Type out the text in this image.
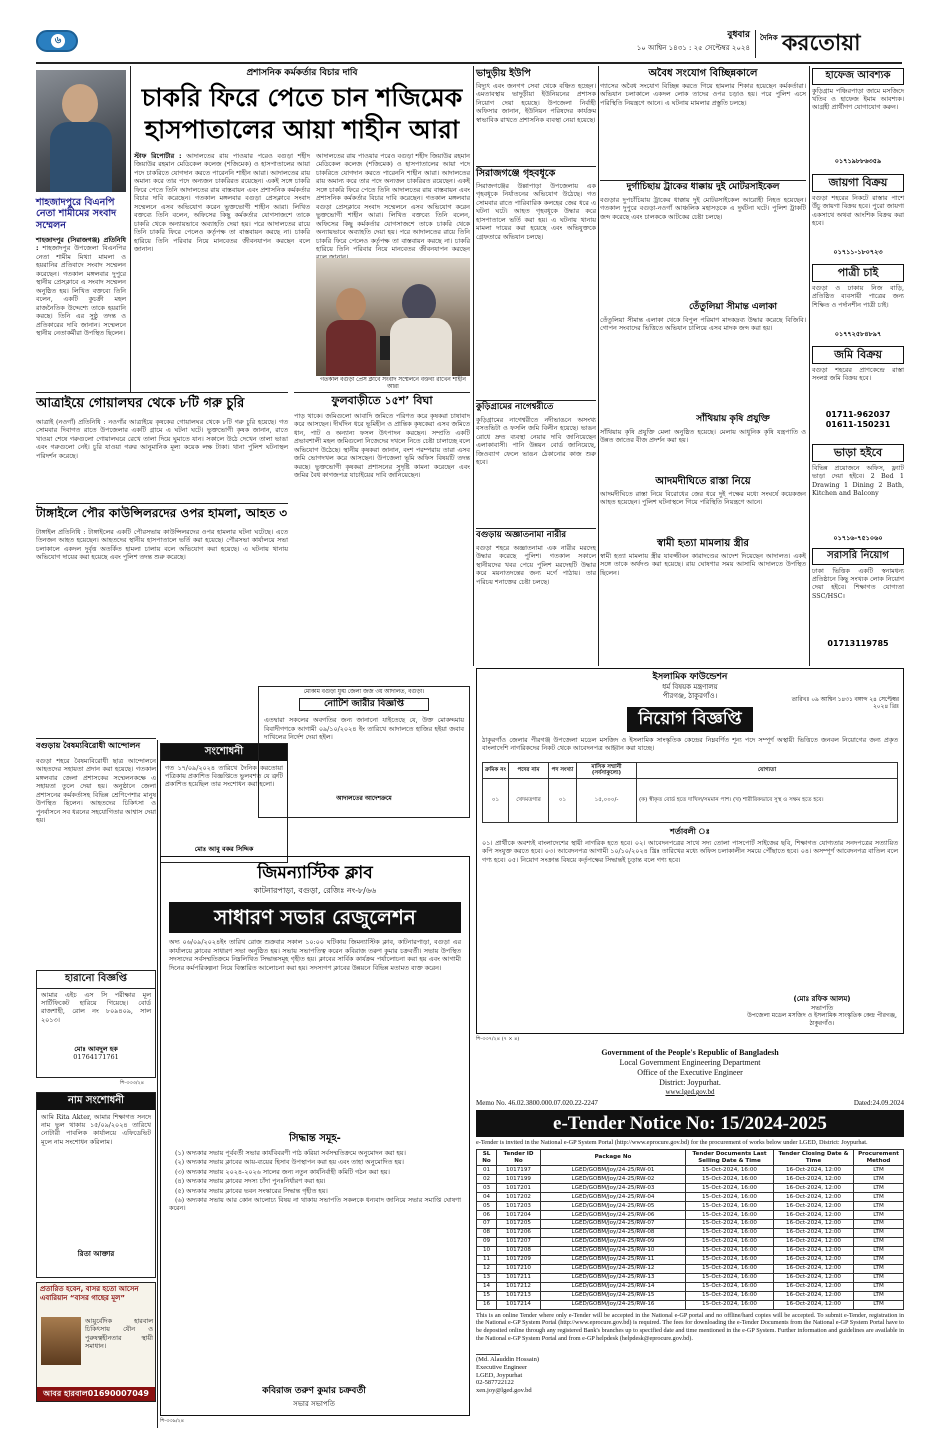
৬	বুধবার
১০ আশ্বিন ১৪৩১ : ২৫ সেপ্টেম্বর ২০২৪
দৈনিক করতোয়া
শাহজাদপুরে বিএনপি নেতা শামীমের সংবাদ সম্মেলন
শাহজাদপুর (সিরাজগঞ্জ) প্রতিনিধি : শাহজাদপুর উপজেলা বিএনপির নেতা শামীম মিথ্যা মামলা ও হয়রানির প্রতিবাদে সংবাদ সম্মেলন করেছেন। গতকাল মঙ্গলবার দুপুরে স্থানীয় প্রেসক্লাবে এ সংবাদ সম্মেলন অনুষ্ঠিত হয়। লিখিত বক্তব্যে তিনি বলেন, একটি কুচক্রী মহল রাজনৈতিক উদ্দেশ্যে তাকে হয়রানি করছে। তিনি এর সুষ্ঠু তদন্ত ও প্রতিকারের দাবি জানান। সম্মেলনে স্থানীয় নেতাকর্মীরা উপস্থিত ছিলেন।
আত্রাইয়ে গোয়ালঘর থেকে ৮টি গরু চুরি
আত্রাই (নওগাঁ) প্রতিনিধি : নওগাঁর আত্রাইয়ে কৃষকের গোয়ালঘর থেকে ৮টি গরু চুরি হয়েছে। গত সোমবার দিবাগত রাতে উপজেলার একটি গ্রামে এ ঘটনা ঘটে। ভুক্তভোগী কৃষক জানান, রাতে খাওয়া শেষে গরুগুলো গোয়ালঘরে রেখে তালা দিয়ে ঘুমাতে যান। সকালে উঠে দেখেন তালা ভাঙা এবং গরুগুলো নেই। চুরি যাওয়া গরুর আনুমানিক মূল্য কয়েক লক্ষ টাকা। থানা পুলিশ ঘটনাস্থল পরিদর্শন করেছে।
টাঙ্গাইলে পৌর কাউন্সিলরদের ওপর হামলা, আহত ৩
টাঙ্গাইল প্রতিনিধি : টাঙ্গাইলের একটি পৌরসভায় কাউন্সিলরদের ওপর হামলার ঘটনা ঘটেছে। এতে তিনজন আহত হয়েছেন। আহতদের স্থানীয় হাসপাতালে ভর্তি করা হয়েছে। পৌরসভা কার্যালয়ে সভা চলাকালে একদল দুর্বৃত্ত অতর্কিত হামলা চালায় বলে অভিযোগ করা হয়েছে। এ ঘটনায় থানায় অভিযোগ দায়ের করা হয়েছে এবং পুলিশ তদন্ত শুরু করেছে।
বগুড়ায় বৈষম্যবিরোধী আন্দোলন
বগুড়া শহরে বৈষম্যবিরোধী ছাত্র আন্দোলনে আহতদের সহায়তা প্রদান করা হয়েছে। গতকাল মঙ্গলবার জেলা প্রশাসকের সম্মেলনকক্ষে এ সহায়তা তুলে দেয়া হয়। অনুষ্ঠানে জেলা প্রশাসনের কর্মকর্তাসহ বিভিন্ন শ্রেণিপেশার মানুষ উপস্থিত ছিলেন। আহতদের চিকিৎসা ও পুনর্বাসনে সব ধরনের সহযোগিতার আশ্বাস দেয়া হয়।
হারানো বিজ্ঞপ্তি
আমার এইচ এস সি পরীক্ষার মূল সার্টিফিকেট হারিয়ে গিয়েছে। বোর্ড রাজশাহী, রোল নং ৮০৯৪০৯, সাল ২০১৩।
মোঃ আবদুল হক
01764171761
শি-৩৩৩/২৪
নাম সংশোধনী
আমি Rita Akter, আমার শিক্ষাগত সনদে নাম ভুল থাকায় ১৫/০৯/২০২৪ তারিখে নোটারী পাবলিক কার্যালয়ে এফিডেভিট মূলে নাম সংশোধন করিলাম।
রিতা আক্তার
প্রতারিত হবেন, বাসর হতো আসেন এবারিয়ান “বাসর গাছের মূল”
আয়ুর্বেদিক হারবাল চিকিৎসায় যৌন ও পুরুষত্বহীনতার স্থায়ী সমাধান।
আবর হারবাল01690007049
সংশোধনী
গত ১৭/০৯/২০২৪ তারিখে দৈনিক করতোয়া পত্রিকায় প্রকাশিত বিজ্ঞপ্তিতে ভুলবশত যে ত্রুটি প্রকাশিত হয়েছিল তার সংশোধন করা হলো।
মোঃ আবু বকর সিদ্দিক
প্রশাসনিক কর্মকর্তার বিচার দাবি
চাকরি ফিরে পেতে চান শজিমেক
হাসপাতালের আয়া শাহীন আরা
স্টাফ রিপোর্টার : আদালতের রায় পাওয়ার পরেও বগুড়া শহীদ জিয়াউর রহমান মেডিকেল কলেজ (শজিমেক) ও হাসপাতালের আয়া পদে চাকরিতে যোগদান করতে পারেননি শাহীন আরা। আদালতের রায় অমান্য করে তার পদে অন্যজন চাকরিরত রয়েছেন। একই সঙ্গে চাকরি ফিরে পেতে তিনি আদালতের রায় বাস্তবায়ন এবং প্রশাসনিক কর্মকর্তার বিচার দাবি করেছেন। গতকাল মঙ্গলবার বগুড়া প্রেসক্লাবে সংবাদ সম্মেলনে এসব অভিযোগ করেন ভুক্তভোগী শাহীন আরা। লিখিত বক্তব্যে তিনি বলেন, অফিসের কিছু কর্মকর্তার যোগসাজশে তাকে চাকরি থেকে অন্যায়ভাবে অব্যাহতি দেয়া হয়। পরে আদালতের রায়ে তিনি চাকরি ফিরে পেলেও কর্তৃপক্ষ তা বাস্তবায়ন করছে না। চাকরি হারিয়ে তিনি পরিবার নিয়ে মানবেতর জীবনযাপন করছেন বলে জানান।
আদালতের রায় পাওয়ার পরেও বগুড়া শহীদ জিয়াউর রহমান মেডিকেল কলেজ (শজিমেক) ও হাসপাতালের আয়া পদে চাকরিতে যোগদান করতে পারেননি শাহীন আরা। আদালতের রায় অমান্য করে তার পদে অন্যজন চাকরিরত রয়েছেন। একই সঙ্গে চাকরি ফিরে পেতে তিনি আদালতের রায় বাস্তবায়ন এবং প্রশাসনিক কর্মকর্তার বিচার দাবি করেছেন। গতকাল মঙ্গলবার বগুড়া প্রেসক্লাবে সংবাদ সম্মেলনে এসব অভিযোগ করেন ভুক্তভোগী শাহীন আরা। লিখিত বক্তব্যে তিনি বলেন, অফিসের কিছু কর্মকর্তার যোগসাজশে তাকে চাকরি থেকে অন্যায়ভাবে অব্যাহতি দেয়া হয়। পরে আদালতের রায়ে তিনি চাকরি ফিরে পেলেও কর্তৃপক্ষ তা বাস্তবায়ন করছে না। চাকরি হারিয়ে তিনি পরিবার নিয়ে মানবেতর জীবনযাপন করছেন
গতকাল বগুড়া প্রেস ক্লাবে সংবাদ সম্মেলনে বক্তব্য রাখেন শাহীন আরা
ফুলবাড়ীতে ১৫শ’ বিঘা
পাড় থাকে। জমিগুলো আবাদি জমিতে পরিণত করে কৃষকরা চাষাবাদ করে আসছেন। দীর্ঘদিন ধরে ভূমিহীন ও প্রান্তিক কৃষকেরা এসব জমিতে ধান, পাট ও অন্যান্য ফসল উৎপাদন করছেন। সম্প্রতি একটি প্রভাবশালী মহল জমিগুলো নিজেদের দখলে নিতে চেষ্টা চালাচ্ছে বলে অভিযোগ উঠেছে। স্থানীয় কৃষকরা জানান, বংশ পরম্পরায় তারা এসব জমি ভোগদখল করে আসছেন। উপজেলা ভূমি অফিস বিষয়টি তদন্ত করছে। ভুক্তভোগী কৃষকরা প্রশাসনের সুদৃষ্টি কামনা করেছেন এবং জমির বৈধ কাগজপত্র যাচাইয়ের দাবি জানিয়েছেন।
মোকাম বগুড়া যুগ্ম জেলা জজ ৩য় আদালত, বগুড়া।
নোটিশ জারীর বিজ্ঞপ্তি
এতদ্বারা সকলের অবগতির জন্য জানানো যাইতেছে যে, উক্ত মোকদ্দমায় বিবাদীগণকে আগামী ০৯/১০/২০২৪ ইং তারিখে আদালতে হাজির হইয়া জবাব দাখিলের নির্দেশ দেয়া হইল।
আদালতের আদেশক্রমে
জিমন্যাস্টিক ক্লাব
কাটনারপাড়া, বগুড়া, রেজিঃ নং-৮/৬৬
সাধারণ সভার রেজুলেশন
অদ্য ০৬/০৯/২০২৪ইং তারিখ রোজ শুক্রবার সকাল ১০:০০ ঘটিকায় জিমন্যাস্টিক ক্লাব, কাটনারপাড়া, বগুড়া এর কার্যালয়ে ক্লাবের সাধারণ সভা অনুষ্ঠিত হয়। সভায় সভাপতিত্ব করেন কবিরাজ তরুণ কুমার চক্রবর্তী। সভায় উপস্থিত সদস্যদের সর্বসম্মতিক্রমে নিম্নলিখিত সিদ্ধান্তসমূহ গৃহীত হয়। ক্লাবের সার্বিক কার্যক্রম পর্যালোচনা করা হয় এবং আগামী দিনের কর্মপরিকল্পনা নিয়ে বিস্তারিত আলোচনা করা হয়। সদস্যগণ ক্লাবের উন্নয়নে বিভিন্ন মতামত ব্যক্ত করেন।
সিদ্ধান্ত সমূহ-

(১) অদ্যকার সভায় পূর্ববর্তী সভার কার্যবিবরণী পাঠ করিয়া সর্বসম্মতিক্রমে অনুমোদন করা হয়।

(২) অদ্যকার সভায় ক্লাবের আয়-ব্যয়ের হিসাব উপস্থাপন করা হয় এবং তাহা অনুমোদিত হয়।

(৩) অদ্যকার সভায় ২০২৪-২০২৬ সালের জন্য নতুন কার্যনির্বাহী কমিটি গঠন করা হয়।

(৪) অদ্যকার সভায় ক্লাবের সদস্য চাঁদা পুনঃনির্ধারণ করা হয়।

(৫) অদ্যকার সভায় ক্লাবের ভবন সংস্কারের সিদ্ধান্ত গৃহীত হয়।

(৬) অদ্যকার সভায় আর কোন আলোচ্য বিষয় না থাকায় সভাপতি সকলকে ধন্যবাদ জানিয়ে সভার সমাপ্তি ঘোষণা করেন।

কবিরাজ তরুণ কুমার চক্রবর্তী
সভার সভাপতি
শি-৩৩৯/২৪
ভাদুড়ীয় ইউপি
বিদ্যুৎ এবং জনগণ সেবা থেকে বঞ্চিত হচ্ছেন। এমতাবস্থায় ভাদুড়ীয়া ইউনিয়নের প্রশাসক নিয়োগ দেয়া হয়েছে। উপজেলা নির্বাহী অফিসার জানান, ইউনিয়ন পরিষদের কার্যক্রম স্বাভাবিক রাখতে প্রশাসনিক ব্যবস্থা নেয়া হয়েছে।
সিরাজগঞ্জে গৃহবধূকে
সিরাজগঞ্জের উল্লাপাড়া উপজেলায় এক গৃহবধূকে নির্যাতনের অভিযোগ উঠেছে। গত সোমবার রাতে পারিবারিক কলহের জের ধরে এ ঘটনা ঘটে। আহত গৃহবধূকে উদ্ধার করে হাসপাতালে ভর্তি করা হয়। এ ঘটনায় থানায় মামলা দায়ের করা হয়েছে এবং অভিযুক্তকে গ্রেফতারে অভিযান চলছে।
কুড়িগ্রামের নাগেশ্বরীতে
কুড়িগ্রামের নাগেশ্বরীতে নদীভাঙনে অসংখ্য বসতভিটা ও ফসলি জমি বিলীন হয়েছে। ভাঙন রোধে দ্রুত ব্যবস্থা নেয়ার দাবি জানিয়েছেন এলাকাবাসী। পানি উন্নয়ন বোর্ড জানিয়েছে, জিওব্যাগ ফেলে ভাঙন ঠেকানোর কাজ শুরু হবে।
বগুড়ায় অজ্ঞাতনামা নারীর
বগুড়া শহরে অজ্ঞাতনামা এক নারীর মরদেহ উদ্ধার করেছে পুলিশ। গতকাল সকালে স্থানীয়দের খবর পেয়ে পুলিশ মরদেহটি উদ্ধার করে ময়নাতদন্তের জন্য মর্গে পাঠায়। তার পরিচয় শনাক্তের চেষ্টা চলছে।
অবৈধ সংযোগ বিচ্ছিন্নকালে
গ্যাসের অবৈধ সংযোগ বিচ্ছিন্ন করতে গিয়ে হামলার শিকার হয়েছেন কর্মকর্তারা। অভিযান চলাকালে একদল লোক তাদের ওপর চড়াও হয়। পরে পুলিশ এসে পরিস্থিতি নিয়ন্ত্রণে আনে। এ ঘটনায় মামলার প্রস্তুতি চলছে।
দুর্গাচিছায় ট্রাকের ধাক্কায় দুই মোটরসাইকেল
বগুড়ার দুপচাঁচিয়ায় ট্রাকের ধাক্কায় দুই মোটরসাইকেল আরোহী নিহত হয়েছেন। গতকাল দুপুরে বগুড়া-নওগাঁ আঞ্চলিক মহাসড়কে এ দুর্ঘটনা ঘটে। পুলিশ ট্রাকটি জব্দ করেছে এবং চালককে আটকের চেষ্টা চলছে।
তেঁতুলিয়া সীমান্ত এলাকা
তেঁতুলিয়া সীমান্ত এলাকা থেকে বিপুল পরিমাণ মাদকদ্রব্য উদ্ধার করেছে বিজিবি। গোপন সংবাদের ভিত্তিতে অভিযান চালিয়ে এসব মাদক জব্দ করা হয়।
সাঁথিয়ায় কৃষি প্রযুক্তি
সাঁথিয়ায় কৃষি প্রযুক্তি মেলা অনুষ্ঠিত হয়েছে। মেলায় আধুনিক কৃষি যন্ত্রপাতি ও উন্নত জাতের বীজ প্রদর্শন করা হয়।
আদমদীঘিতে রাস্তা নিয়ে
আদমদীঘিতে রাস্তা নিয়ে বিরোধের জের ধরে দুই পক্ষের মধ্যে সংঘর্ষে কয়েকজন আহত হয়েছেন। পুলিশ ঘটনাস্থলে গিয়ে পরিস্থিতি নিয়ন্ত্রণে আনে।
স্বামী হত্যা মামলায় স্ত্রীর
স্বামী হত্যা মামলায় স্ত্রীর যাবজ্জীবন কারাদণ্ডের আদেশ দিয়েছেন আদালত। একই সঙ্গে তাকে অর্থদণ্ড করা হয়েছে। রায় ঘোষণার সময় আসামি আদালতে উপস্থিত ছিলেন।
হাফেজ আবশ্যক
কুড়িগ্রাম পঞ্চিরপাড়া জামে মসজিদে খতিব ও হাফেজ ইমাম আবশ্যক। আগ্রহী প্রার্থীগণ যোগাযোগ করুন।
০১৭১৯৮৮৬৩৫৯
জায়গা বিক্রয়
বগুড়া শহরের নিকটে রাস্তার পাশে উঁচু জায়গা বিক্রয় হবে। পুরো জায়গা একসাথে অথবা আংশিক বিক্রয় করা হবে।
০১৭১১-১৮০৭২৩
পাত্রী চাই
বগুড়া ও ঢাকায় নিজ বাড়ি, প্রতিষ্ঠিত ব্যবসায়ী পাত্রের জন্য শিক্ষিত ও পর্দানশীন পাত্রী চাই।
০১৭৭২৫৮৪৮৯৭
জমি বিক্রয়
বগুড়া শহরের প্রাণকেন্দ্রে রাস্তা সংলগ্ন জমি বিক্রয় হবে।
01711-962037 01611-150231
ভাড়া হইবে
বিভিন্ন প্রয়োজনে অফিস, ফ্ল্যাট ভাড়া দেয়া হইবে। 2 Bed 1 Drawing 1 Dining 2 Bath, Kitchen and Balcony
০১৭১৬-৭৫১০৬০
সরাসরি নিয়োগ
ঢাকা ভিত্তিক একটি স্বনামধন্য প্রতিষ্ঠানে কিছু সংখ্যক লোক নিয়োগ দেয়া হইবে। শিক্ষাগত যোগ্যতা SSC/HSC।
01713119785
ইসলামিক ফাউন্ডেশন
ধর্ম বিষয়ক মন্ত্রণালয়
পীরগঞ্জ, ঠাকুরগাঁও।	তারিখঃ ০৯ আশ্বিন ১৪৩১ বঙ্গাব্দ ২৪ সেপ্টেম্বর ২০২৪ খ্রিঃ
নিয়োগ বিজ্ঞপ্তি
ঠাকুরগাঁও জেলার পীরগঞ্জ উপজেলা মডেল মসজিদ ও ইসলামিক সাংস্কৃতিক কেন্দ্রের নিম্নবর্ণিত শূন্য পদে সম্পূর্ণ অস্থায়ী ভিত্তিতে জনবল নিয়োগের জন্য প্রকৃত বাংলাদেশি নাগরিকদের নিকট থেকে আবেদনপত্র আহ্বান করা যাচ্ছে।
ক্রমিক নং	পদের নাম	পদ সংখ্যা	মাসিক সম্মানী (সর্বসাকুল্যে)	যোগ্যতা
০১	খেদমতগার	০১	১৫,০০০/-	(ক) স্বীকৃত বোর্ড হতে দাখিল/সমমান পাশ। (খ) শারীরিকভাবে সুস্থ ও সক্ষম হতে হবে।
শর্তাবলী ঃ
০১। প্রার্থীকে অবশ্যই বাংলাদেশের স্থায়ী নাগরিক হতে হবে। ০২। আবেদনপত্রের সাথে সদ্য তোলা পাসপোর্ট সাইজের ছবি, শিক্ষাগত যোগ্যতার সনদপত্রের সত্যায়িত কপি সংযুক্ত করতে হবে। ০৩। আবেদনপত্র আগামী ১০/১০/২০২৪ খ্রিঃ তারিখের মধ্যে অফিস চলাকালীন সময়ে পৌঁছাতে হবে। ০৪। অসম্পূর্ণ আবেদনপত্র বাতিল বলে গণ্য হবে। ০৫। নিয়োগ সংক্রান্ত বিষয়ে কর্তৃপক্ষের সিদ্ধান্তই চূড়ান্ত বলে গণ্য হবে।
(মোঃ রফিক আলম)
সভাপতি
উপজেলা মডেল মসজিদ ও ইসলামিক সাংস্কৃতিক কেন্দ্র পীরগঞ্জ, ঠাকুরগাঁও।
শি-৩৩৭/২৪ (৭ × ৪)
Government of the People's Republic of Bangladesh
Local Government Engineering Department
Office of the Executive Engineer
District: Joypurhat.
www.lged.gov.bd
Memo No. 46.02.3800.000.07.020.22-2247	Dated:24.09.2024
e-Tender Notice No: 15/2024-2025
e-Tender is invited in the National e-GP System Portal (http://www.eprocure.gov.bd) for the procurement of works below under LGED, District: Joypurhat.
SL No	Tender ID No	Package No	Tender Documents Last Selling Date & Time	Tender Closing Date & Time	Procurement Method
01	1017197	LGED/GOBM/Joy/24-25/RW-01	15-Oct-2024, 16:00	16-Oct-2024, 12:00	LTM
02	1017199	LGED/GOBM/Joy/24-25/RW-02	15-Oct-2024, 16:00	16-Oct-2024, 12:00	LTM
03	1017201	LGED/GOBM/Joy/24-25/RW-03	15-Oct-2024, 16:00	16-Oct-2024, 12:00	LTM
04	1017202	LGED/GOBM/Joy/24-25/RW-04	15-Oct-2024, 16:00	16-Oct-2024, 12:00	LTM
05	1017203	LGED/GOBM/Joy/24-25/RW-05	15-Oct-2024, 16:00	16-Oct-2024, 12:00	LTM
06	1017204	LGED/GOBM/Joy/24-25/RW-06	15-Oct-2024, 16:00	16-Oct-2024, 12:00	LTM
07	1017205	LGED/GOBM/Joy/24-25/RW-07	15-Oct-2024, 16:00	16-Oct-2024, 12:00	LTM
08	1017206	LGED/GOBM/Joy/24-25/RW-08	15-Oct-2024, 16:00	16-Oct-2024, 12:00	LTM
09	1017207	LGED/GOBM/Joy/24-25/RW-09	15-Oct-2024, 16:00	16-Oct-2024, 12:00	LTM
10	1017208	LGED/GOBM/Joy/24-25/RW-10	15-Oct-2024, 16:00	16-Oct-2024, 12:00	LTM
11	1017209	LGED/GOBM/Joy/24-25/RW-11	15-Oct-2024, 16:00	16-Oct-2024, 12:00	LTM
12	1017210	LGED/GOBM/Joy/24-25/RW-12	15-Oct-2024, 16:00	16-Oct-2024, 12:00	LTM
13	1017211	LGED/GOBM/Joy/24-25/RW-13	15-Oct-2024, 16:00	16-Oct-2024, 12:00	LTM
14	1017212	LGED/GOBM/Joy/24-25/RW-14	15-Oct-2024, 16:00	16-Oct-2024, 12:00	LTM
15	1017213	LGED/GOBM/Joy/24-25/RW-15	15-Oct-2024, 16:00	16-Oct-2024, 12:00	LTM
16	1017214	LGED/GOBM/Joy/24-25/RW-16	15-Oct-2024, 16:00	16-Oct-2024, 12:00	LTM
This is an online Tender where only e-Tender will be accepted in the National e-GP portal and no offline/hard copies will be accepted. To submit e-Tender, registration in the National e-GP System Portal (http://www.eprocure.gov.bd) is required. The fees for downloading the e-Tender Documents from the National e-GP System Portal have to be deposited online through any registered Bank's branches up to specified date and time mentioned in the e-GP System. Further information and guidelines are available in the National e-GP System Portal and from e-GP helpdesk (helpdesk@eprocure.gov.bd).
(Md. Alauddin Hossain)
Executive Engineer
LGED, Joypurhat
02-587722122
xen.joy@lged.gov.bd
